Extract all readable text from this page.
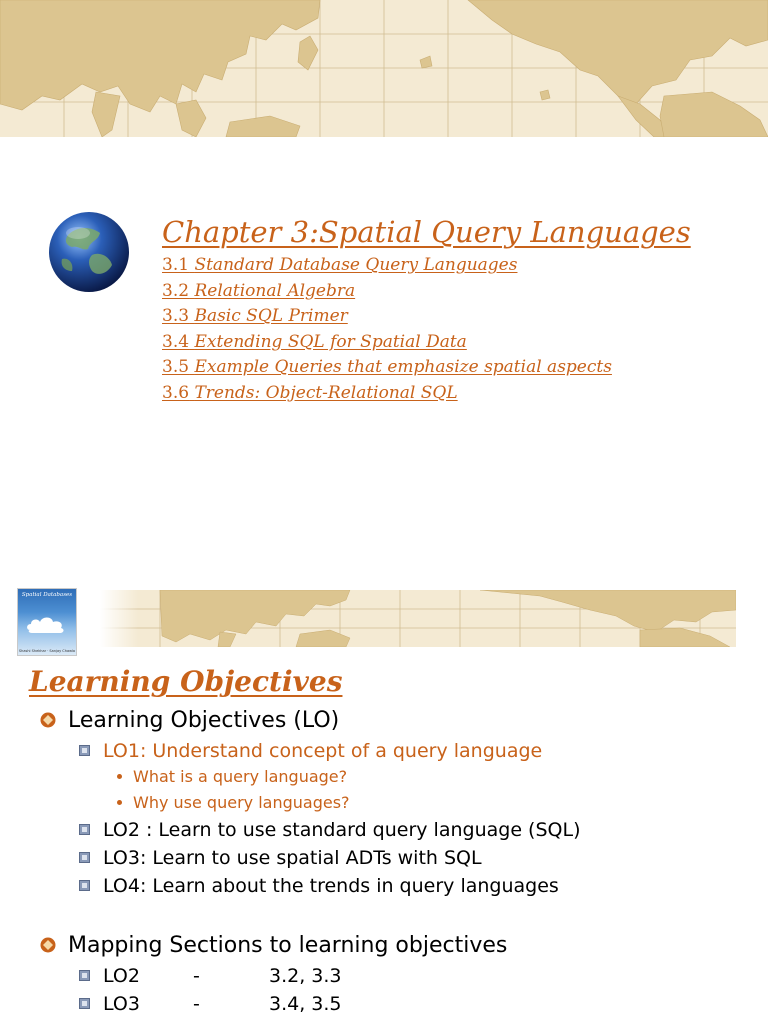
Chapter 3:Spatial Query Languages
3.1 Standard Database Query Languages
3.2 Relational Algebra
3.3 Basic SQL Primer
3.4 Extending SQL for Spatial Data
3.5 Example Queries that emphasize spatial aspects
3.6 Trends: Object-Relational SQL
Spatial Databases
Shashi Shekhar · Sanjay Chawla
Learning Objectives
Learning Objectives (LO)
LO1: Understand concept of a query language
What is a query language?
Why use query languages?
LO2 : Learn to use standard query language (SQL)
LO3: Learn to use spatial ADTs with SQL
LO4: Learn about the trends in query languages
Mapping Sections to learning objectives
LO2	-	3.2, 3.3
LO3	-	3.4, 3.5
